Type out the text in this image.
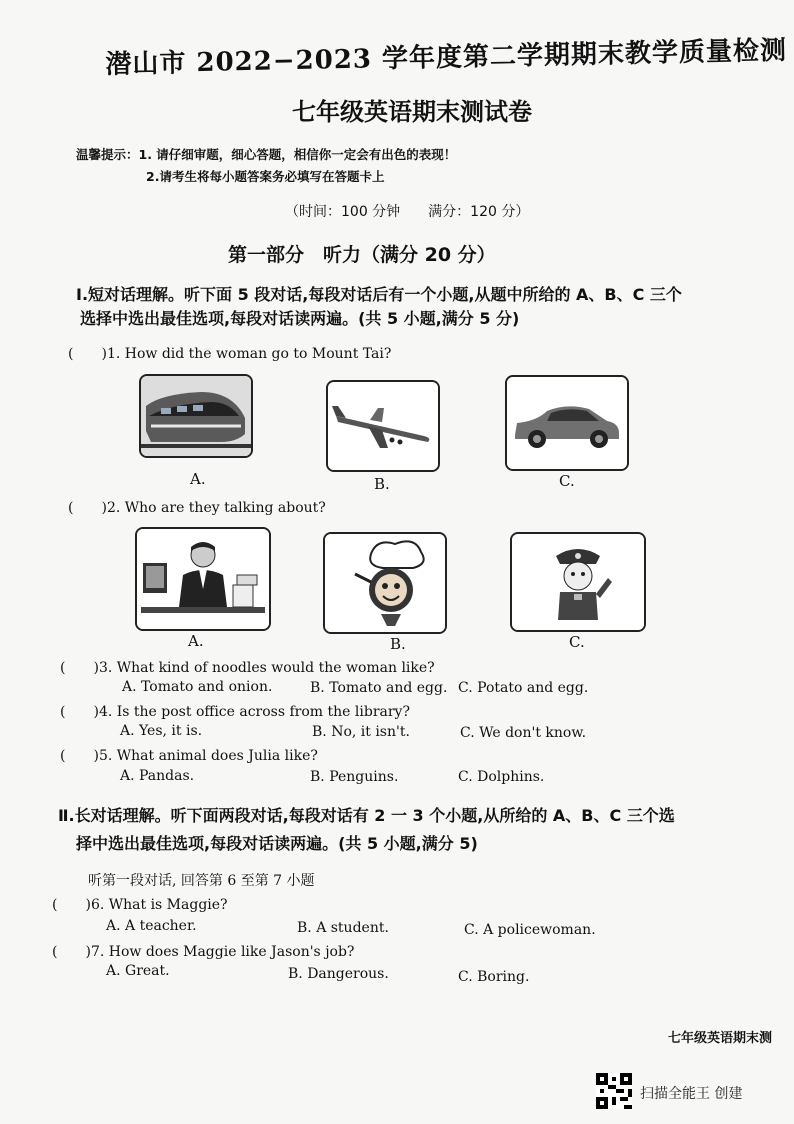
潜山市 2022−2023 学年度第二学期期末教学质量检测
七年级英语期末测试卷
温馨提示：1. 请仔细审题，细心答题，相信你一定会有出色的表现！
2.请考生将每小题答案务必填写在答题卡上
（时间：100 分钟　　满分：120 分）
第一部分　听力（满分 20 分）
Ⅰ.短对话理解。听下面 5 段对话,每段对话后有一个小题,从题中所给的 A、B、C 三个
选择中选出最佳选项,每段对话读两遍。(共 5 小题,满分 5 分)
(　　)1. How did the woman go to Mount Tai?
A.	B.	C.
(　　)2. Who are they talking about?
A.	B.	C.
(　　)3. What kind of noodles would the woman like?
A. Tomato and onion.	B. Tomato and egg. C. Potato and egg.
(　　)4. Is the post office across from the library?
A. Yes, it is.	B. No, it isn't.	C. We don't know.
(　　)5. What animal does Julia like?
A. Pandas.	B. Penguins.	C. Dolphins.
Ⅱ.长对话理解。听下面两段对话,每段对话有 2 一 3 个小题,从所给的 A、B、C 三个选
择中选出最佳选项,每段对话读两遍。(共 5 小题,满分 5)
听第一段对话, 回答第 6 至第 7 小题
(　　)6. What is Maggie?
A. A teacher.	B. A student.	C. A policewoman.
(　　)7. How does Maggie like Jason's job?
A. Great.	B. Dangerous.	C. Boring.
七年级英语期末测
扫描全能王 创建
